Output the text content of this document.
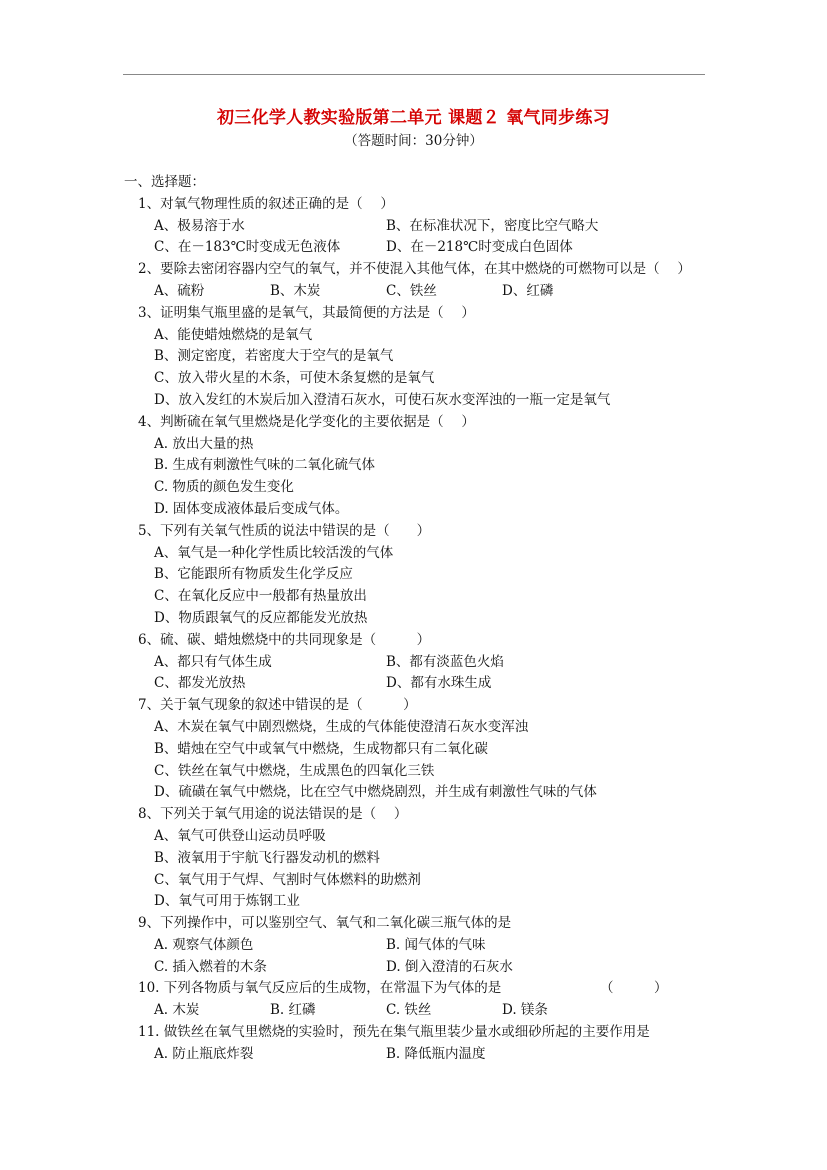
初三化学人教实验版第二单元 课题２ 氧气同步练习
（答题时间：30分钟）
一、选择题：
1、对氧气物理性质的叙述正确的是（　 ）
A、极易溶于水	B、在标准状况下，密度比空气略大
C、在－183℃时变成无色液体	D、在－218℃时变成白色固体
2、要除去密闭容器内空气的氧气，并不使混入其他气体，在其中燃烧的可燃物可以是（　 ）
A、硫粉	B、木炭	C、铁丝	D、红磷
3、证明集气瓶里盛的是氧气，其最简便的方法是（　 ）
A、能使蜡烛燃烧的是氧气
B、测定密度，若密度大于空气的是氧气
C、放入带火星的木条，可使木条复燃的是氧气
D、放入发红的木炭后加入澄清石灰水，可使石灰水变浑浊的一瓶一定是氧气
4、判断硫在氧气里燃烧是化学变化的主要依据是（　 ）
A. 放出大量的热
B. 生成有刺激性气味的二氧化硫气体
C. 物质的颜色发生变化
D. 固体变成液体最后变成气体。
5、下列有关氧气性质的说法中错误的是（　　）
A、氧气是一种化学性质比较活泼的气体
B、它能跟所有物质发生化学反应
C、在氧化反应中一般都有热量放出
D、物质跟氧气的反应都能发光放热
6、硫、碳、蜡烛燃烧中的共同现象是（　　　）
A、都只有气体生成	B、都有淡蓝色火焰
C、都发光放热	D、都有水珠生成
7、关于氧气现象的叙述中错误的是（　　　）
A、木炭在氧气中剧烈燃烧，生成的气体能使澄清石灰水变浑浊
B、蜡烛在空气中或氧气中燃烧，生成物都只有二氧化碳
C、铁丝在氧气中燃烧，生成黑色的四氧化三铁
D、硫磺在氧气中燃烧，比在空气中燃烧剧烈，并生成有刺激性气味的气体
8、下列关于氧气用途的说法错误的是（　 ）
A、氧气可供登山运动员呼吸
B、液氧用于宇航飞行器发动机的燃料
C、氧气用于气焊、气割时气体燃料的助燃剂
D、氧气可用于炼钢工业
9、下列操作中，可以鉴别空气、氧气和二氧化碳三瓶气体的是
A. 观察气体颜色	B. 闻气体的气味
C. 插入燃着的木条	D. 倒入澄清的石灰水
10. 下列各物质与氧气反应后的生成物，在常温下为气体的是	（　　　）
A. 木炭	B. 红磷	C. 铁丝	D. 镁条
11. 做铁丝在氧气里燃烧的实验时，预先在集气瓶里装少量水或细砂所起的主要作用是
A. 防止瓶底炸裂	B. 降低瓶内温度
